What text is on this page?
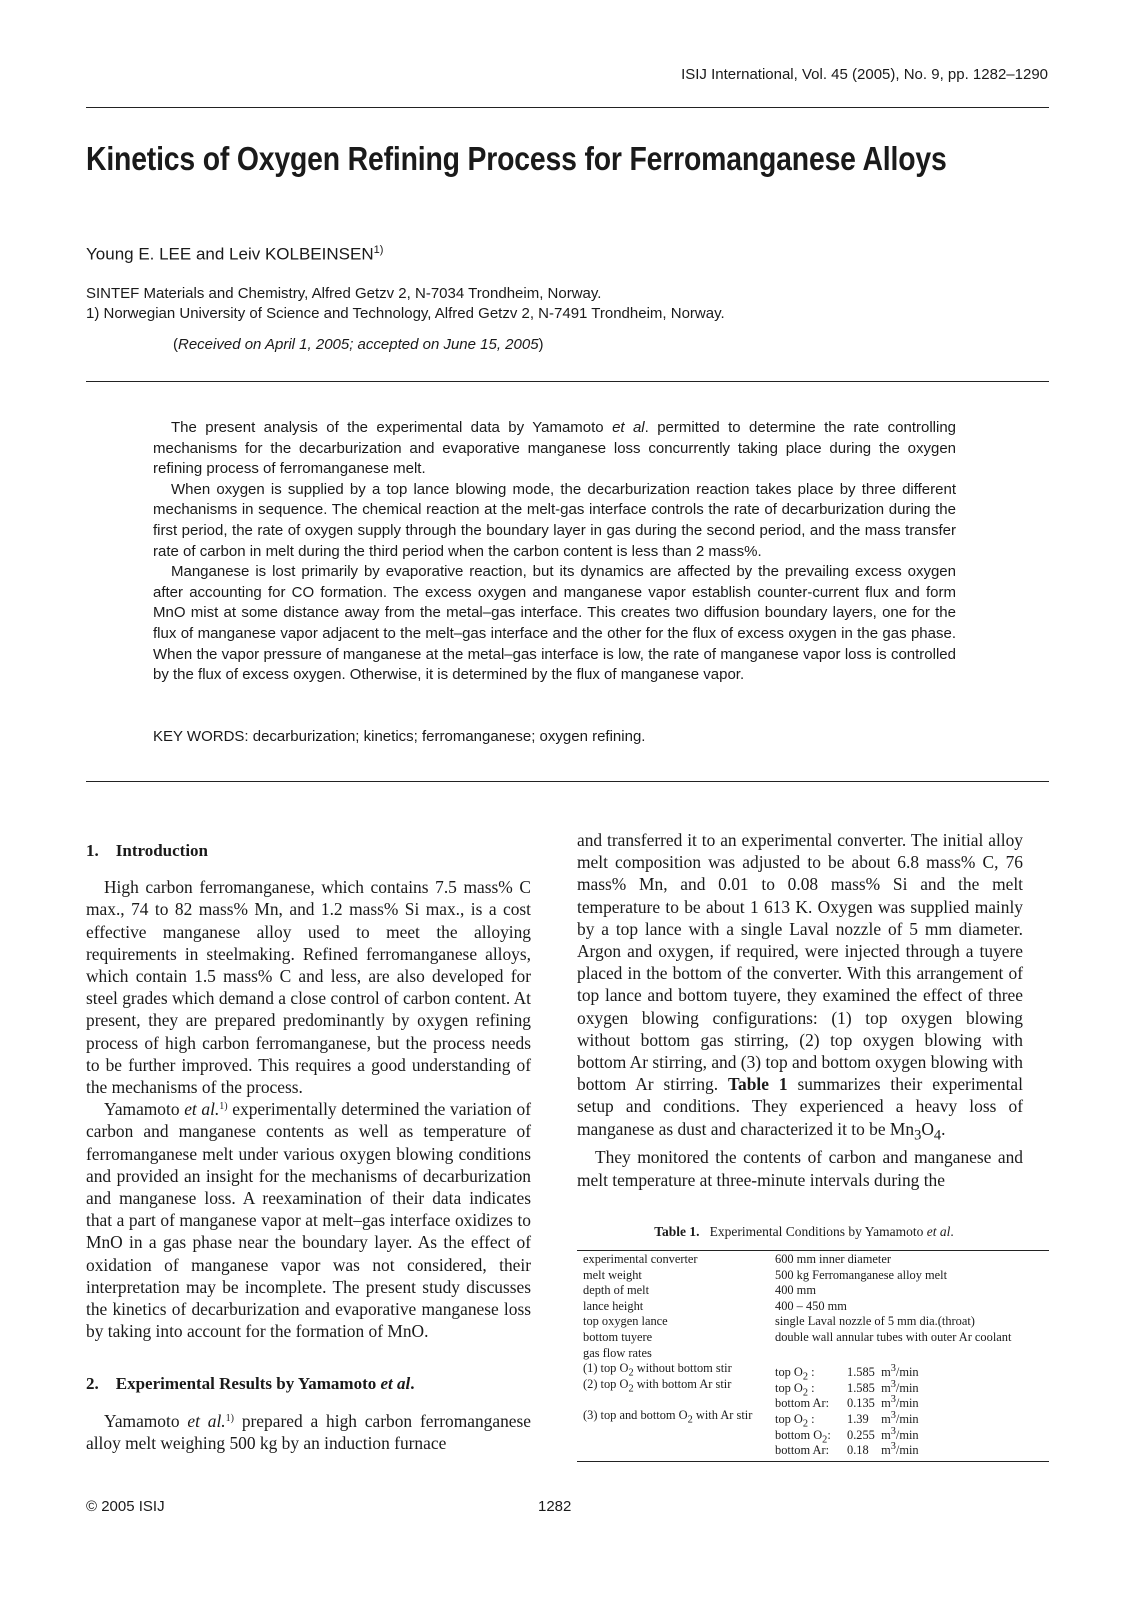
ISIJ International, Vol. 45 (2005), No. 9, pp. 1282–1290
Kinetics of Oxygen Refining Process for Ferromanganese Alloys
Young E. LEE and Leiv KOLBEINSEN$^{1)}$
SINTEF Materials and Chemistry, Alfred Getzv 2, N-7034 Trondheim, Norway.
1) Norwegian University of Science and Technology, Alfred Getzv 2, N-7491 Trondheim, Norway.
(Received on April 1, 2005; accepted on June 15, 2005)

The present analysis of the experimental data by Yamamoto et al. permitted to determine the rate controlling mechanisms for the decarburization and evaporative manganese loss concurrently taking place during the oxygen refining process of ferromanganese melt.

When oxygen is supplied by a top lance blowing mode, the decarburization reaction takes place by three different mechanisms in sequence. The chemical reaction at the melt-gas interface controls the rate of decarburization during the first period, the rate of oxygen supply through the boundary layer in gas during the second period, and the mass transfer rate of carbon in melt during the third period when the carbon content is less than 2 mass%.

Manganese is lost primarily by evaporative reaction, but its dynamics are affected by the prevailing excess oxygen after accounting for CO formation. The excess oxygen and manganese vapor establish counter-current flux and form MnO mist at some distance away from the metal–gas interface. This creates two diffusion boundary layers, one for the flux of manganese vapor adjacent to the melt–gas interface and the other for the flux of excess oxygen in the gas phase. When the vapor pressure of manganese at the metal–gas interface is low, the rate of manganese vapor loss is controlled by the flux of excess oxygen. Otherwise, it is determined by the flux of manganese vapor.

KEY WORDS: decarburization; kinetics; ferromanganese; oxygen refining.
1. Introduction

High carbon ferromanganese, which contains 7.5 mass% C max., 74 to 82 mass% Mn, and 1.2 mass% Si max., is a cost effective manganese alloy used to meet the alloying requirements in steelmaking. Refined ferromanganese alloys, which contain 1.5 mass% C and less, are also developed for steel grades which demand a close control of carbon content. At present, they are prepared predominantly by oxygen refining process of high carbon ferromanganese, but the process needs to be further improved. This requires a good understanding of the mechanisms of the process.

Yamamoto et al.$^{1)}$ experimentally determined the variation of carbon and manganese contents as well as temperature of ferromanganese melt under various oxygen blowing conditions and provided an insight for the mechanisms of decarburization and manganese loss. A reexamination of their data indicates that a part of manganese vapor at melt–gas interface oxidizes to MnO in a gas phase near the boundary layer. As the effect of oxidation of manganese vapor was not considered, their interpretation may be incomplete. The present study discusses the kinetics of decarburization and evaporative manganese loss by taking into account for the formation of MnO.

2. Experimental Results by Yamamoto et al.

Yamamoto et al.$^{1)}$ prepared a high carbon ferromanganese alloy melt weighing 500 kg by an induction furnace

and transferred it to an experimental converter. The initial alloy melt composition was adjusted to be about 6.8 mass% C, 76 mass% Mn, and 0.01 to 0.08 mass% Si and the melt temperature to be about 1 613 K. Oxygen was supplied mainly by a top lance with a single Laval nozzle of 5 mm diameter. Argon and oxygen, if required, were injected through a tuyere placed in the bottom of the converter. With this arrangement of top lance and bottom tuyere, they examined the effect of three oxygen blowing configurations: (1) top oxygen blowing without bottom gas stirring, (2) top oxygen blowing with bottom Ar stirring, and (3) top and bottom oxygen blowing with bottom Ar stirring. Table 1 summarizes their experimental setup and conditions. They experienced a heavy loss of manganese as dust and characterized it to be $Mn_3O_4$.

They monitored the contents of carbon and manganese and melt temperature at three-minute intervals during the

Table 1. Experimental Conditions by Yamamoto et al.
experimental converter	600 mm inner diameter
melt weight	500 kg Ferromanganese alloy melt
depth of melt	400 mm
lance height	400 – 450 mm
top oxygen lance	single Laval nozzle of 5 mm dia.(throat)
bottom tuyere	double wall annular tubes with outer Ar coolant
gas flow rates
(1) top $O_2$ without bottom stir	top $O_2$ :	1.585 $m^3/\min$
(2) top $O_2$ with bottom Ar stir	top $O_2$ :	1.585 $m^3/\min$
bottom Ar: 0.135 $m^3/\min$
(3) top and bottom $O_2$ with Ar stir	top $O_2$ :	1.39 $m^3/\min$
bottom $O_2$: 0.255 $m^3/\min$
bottom Ar: 0.18 $m^3/\min$
© 2005 ISIJ	1282
